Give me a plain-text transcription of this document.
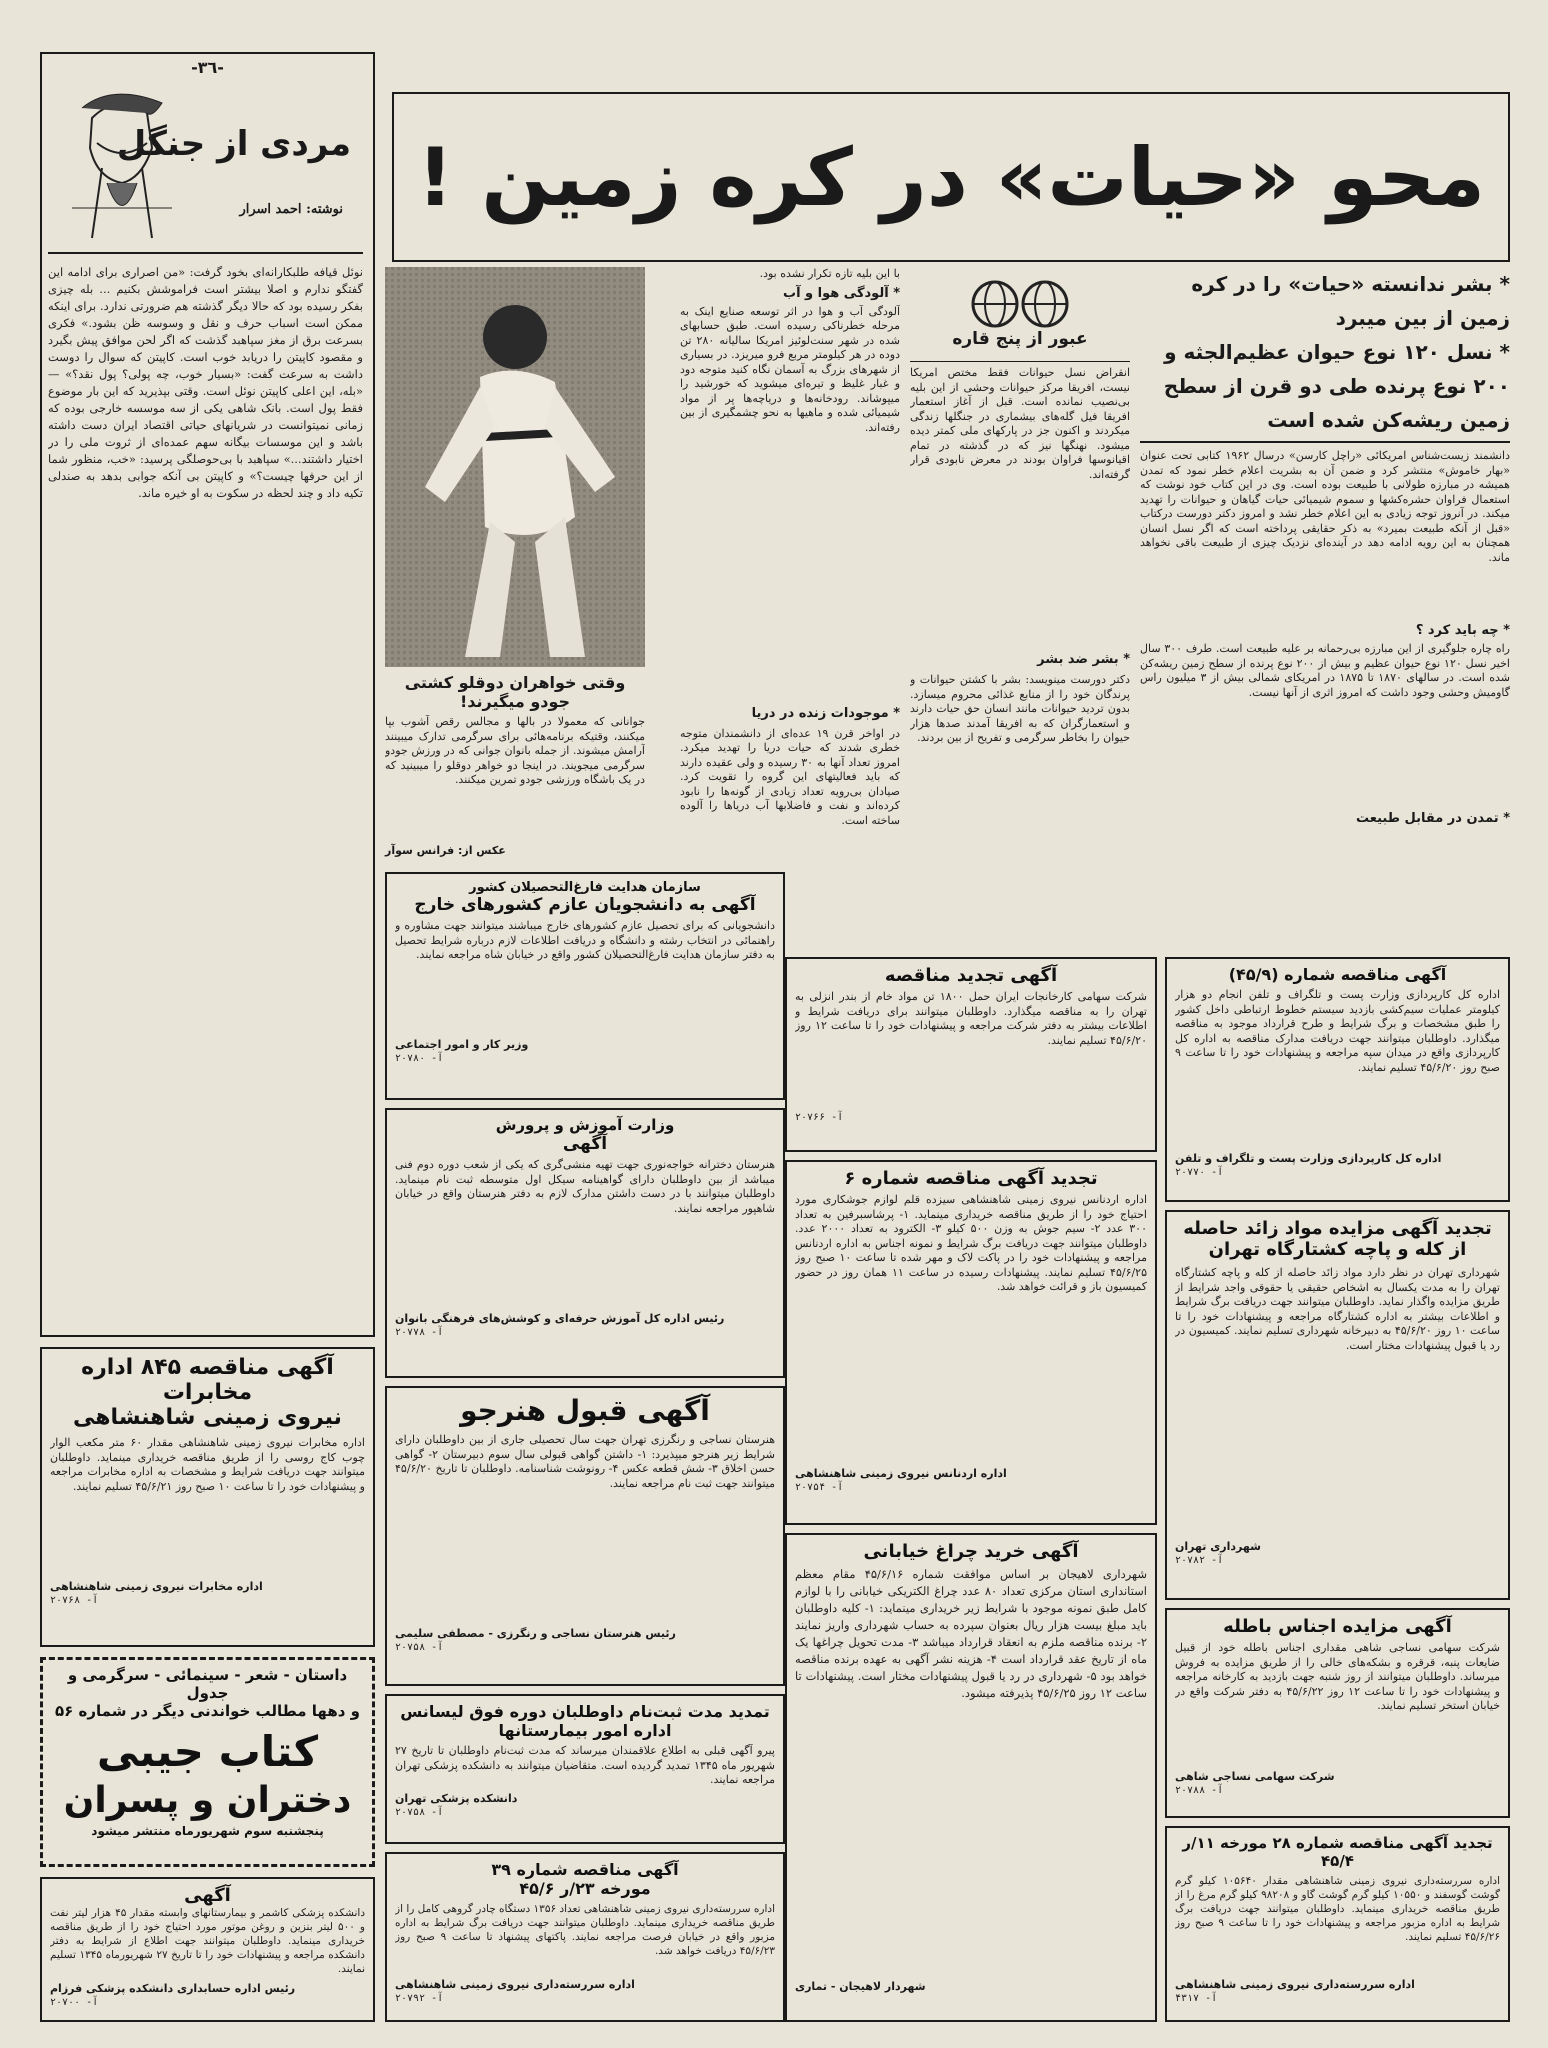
-٣٦-
مردی از جنگل
نوشته: احمد اسرار
نوئل قیافه طلبکارانه‌ای بخود گرفت: «من اصراری برای ادامه این گفتگو ندارم و اصلا بیشتر است فراموشش بکنیم ... بله چیزی بفکر رسیده بود که حالا دیگر گذشته هم ضرورتی ندارد. برای اینکه ممکن است اسباب حرف و نقل و وسوسه ظن بشود.» فکری بسرعت برق از مغز سپاهبد گذشت که اگر لحن موافق پیش بگیرد و مقصود کاپیتن را دریابد خوب است. کاپیتن که سوال را دوست داشت به سرعت گفت: «بسیار خوب، چه پولی؟ پول نقد؟» — «بله، این اعلی کاپیتن نوئل است. وقتی بپذیرید که این بار موضوع فقط پول است. بانک شاهی یکی از سه موسسه خارجی بوده که زمانی نمیتوانست در شریانهای حیاتی اقتصاد ایران دست داشته باشد و این موسسات بیگانه سهم عمده‌ای از ثروت ملی را در اختیار داشتند...» سپاهبد با بی‌حوصلگی پرسید: «خب، منظور شما از این حرفها چیست؟» و کاپیتن بی آنکه جوابی بدهد به صندلی تکیه داد و چند لحظه در سکوت به او خیره ماند.
آگهی مناقصه ۸۴۵ اداره مخابرات
نیروی زمینی شاهنشاهی
اداره مخابرات نیروی زمینی شاهنشاهی مقدار ۶۰ متر مکعب الوار چوب کاج روسی را از طریق مناقصه خریداری مینماید. داوطلبان میتوانند جهت دریافت شرایط و مشخصات به اداره مخابرات مراجعه و پیشنهادات خود را تا ساعت ۱۰ صبح روز ۴۵/۶/۲۱ تسلیم نمایند.
اداره مخابرات نیروی زمینی شاهنشاهی
آ- ۲۰۷۶۸
داستان - شعر - سینمائی - سرگرمی و جدول
و دهها مطالب خواندنی دیگر در شماره ۵۶
کتاب جیبی
دختران و پسران
پنجشنبه سوم شهریورماه منتشر میشود
آگهی
دانشکده پزشکی کاشمر و بیمارستانهای وابسته مقدار ۴۵ هزار لیتر نفت و ۵۰۰ لیتر بنزین و روغن موتور مورد احتیاج خود را از طریق مناقصه خریداری مینماید. داوطلبان میتوانند جهت اطلاع از شرایط به دفتر دانشکده مراجعه و پیشنهادات خود را تا تاریخ ۲۷ شهریورماه ۱۳۴۵ تسلیم نمایند.
رئیس اداره حسابداری دانشکده پزشکی فرزام
آ- ۲۰۷۰۰
محو «حیات» در کره زمین !
* بشر ندانسته «حیات» را در کره زمین از بین میبرد
* نسل ۱۲۰ نوع حیوان عظیم‌الجثه و ۲۰۰ نوع پرنده طی دو قرن از سطح زمین ریشه‌کن شده است
دانشمند زیست‌شناس امریکائی «راچل کارسن» درسال ۱۹۶۲ کتابی تحت عنوان «بهار خاموش» منتشر کرد و ضمن آن به بشریت اعلام خطر نمود که تمدن همیشه در مبارزه طولانی با طبیعت بوده است. وی در این کتاب خود نوشت که استعمال فراوان حشره‌کشها و سموم شیمیائی حیات گیاهان و حیوانات را تهدید میکند. در آنروز توجه زیادی به این اعلام خطر نشد و امروز دکتر دورست درکتاب «قبل از آنکه طبیعت بمیرد» به ذکر حقایقی پرداخته است که اگر نسل انسان همچنان به این رویه ادامه دهد در آینده‌ای نزدیک چیزی از طبیعت باقی نخواهد ماند.
* چه باید کرد ؟
راه چاره جلوگیری از این مبارزه بی‌رحمانه بر علیه طبیعت است. طرف ۳۰۰ سال اخیر نسل ۱۲۰ نوع حیوان عظیم و بیش از ۲۰۰ نوع پرنده از سطح زمین ریشه‌کن شده است. در سالهای ۱۸۷۰ تا ۱۸۷۵ در امریکای شمالی بیش از ۳ میلیون راس گاومیش وحشی وجود داشت که امروز اثری از آنها نیست.
* تمدن در مقابل طبیعت
عبور از پنج قاره
انقراض نسل حیوانات فقط مختص امریکا نیست، افریقا مرکز حیوانات وحشی از این بلیه بی‌نصیب نمانده است. قبل از آغاز استعمار افریقا فیل گله‌های بیشماری در جنگلها زندگی میکردند و اکنون جز در پارکهای ملی کمتر دیده میشود. نهنگها نیز که در گذشته در تمام اقیانوسها فراوان بودند در معرض نابودی قرار گرفته‌اند.
* بشر ضد بشر
دکتر دورست مینویسد: بشر با کشتن حیوانات و پرندگان خود را از منابع غذائی محروم میسازد. بدون تردید حیوانات مانند انسان حق حیات دارند و استعمارگران که به افریقا آمدند صدها هزار حیوان را بخاطر سرگرمی و تفریح از بین بردند.
با این بلیه تازه تکرار نشده بود.
* آلودگی هوا و آب
آلودگی آب و هوا در اثر توسعه صنایع اینک به مرحله خطرناکی رسیده است. طبق حسابهای شده در شهر سنت‌لوئیز امریکا سالیانه ۲۸۰ تن دوده در هر کیلومتر مربع فرو میریزد. در بسیاری از شهرهای بزرگ به آسمان نگاه کنید متوجه دود و غبار غلیظ و تیره‌ای میشوید که خورشید را میپوشاند. رودخانه‌ها و دریاچه‌ها پر از مواد شیمیائی شده و ماهیها به نحو چشمگیری از بین رفته‌اند.
* موجودات زنده در دریا
در اواخر قرن ۱۹ عده‌ای از دانشمندان متوجه خطری شدند که حیات دریا را تهدید میکرد. امروز تعداد آنها به ۳۰ رسیده و ولی عقیده دارند که باید فعالیتهای این گروه را تقویت کرد. صیادان بی‌رویه تعداد زیادی از گونه‌ها را نابود کرده‌اند و نفت و فاضلابها آب دریاها را آلوده ساخته است.
وقتی خواهران دوقلو کشتی جودو میگیرند!
جوانانی که معمولا در بالها و مجالس رقص آشوب بپا میکنند، وقتیکه برنامه‌هائی برای سرگرمی تدارک میبینند آرامش میشوند. از جمله بانوان جوانی که در ورزش جودو سرگرمی میجویند. در اینجا دو خواهر دوقلو را میبینید که در یک باشگاه ورزشی جودو تمرین میکنند.
عکس از: فرانس سوآر
آگهی مناقصه شماره (۴۵/۹)
اداره کل کارپردازی وزارت پست و تلگراف و تلفن انجام دو هزار کیلومتر عملیات سیم‌کشی بازدید سیستم خطوط ارتباطی داخل کشور را طبق مشخصات و برگ شرایط و طرح قرارداد موجود به مناقصه میگذارد. داوطلبان میتوانند جهت دریافت مدارک مناقصه به اداره کل کارپردازی واقع در میدان سپه مراجعه و پیشنهادات خود را تا ساعت ۹ صبح روز ۴۵/۶/۲۰ تسلیم نمایند.
اداره کل کارپردازی وزارت پست و تلگراف و تلفن
آ- ۲۰۷۷۰
تجدید آگهی مزایده مواد زائد حاصله از کله و پاچه کشتارگاه تهران
شهرداری تهران در نظر دارد مواد زائد حاصله از کله و پاچه کشتارگاه تهران را به مدت یکسال به اشخاص حقیقی یا حقوقی واجد شرایط از طریق مزایده واگذار نماید. داوطلبان میتوانند جهت دریافت برگ شرایط و اطلاعات بیشتر به اداره کشتارگاه مراجعه و پیشنهادات خود را تا ساعت ۱۰ روز ۴۵/۶/۲۰ به دبیرخانه شهرداری تسلیم نمایند. کمیسیون در رد یا قبول پیشنهادات مختار است.
شهرداری تهران
آ- ۲۰۷۸۲
آگهی مزایده اجناس باطله
شرکت سهامی نساجی شاهی مقداری اجناس باطله خود از قبیل ضایعات پنبه، قرقره و بشکه‌های خالی را از طریق مزایده به فروش میرساند. داوطلبان میتوانند از روز شنبه جهت بازدید به کارخانه مراجعه و پیشنهادات خود را تا ساعت ۱۲ روز ۴۵/۶/۲۲ به دفتر شرکت واقع در خیابان استخر تسلیم نمایند.
شرکت سهامی نساجی شاهی
آ- ۲۰۷۸۸
تجدید آگهی مناقصه شماره ۲۸ مورخه ۱۱/ر ۴۵/۴
اداره سررسته‌داری نیروی زمینی شاهنشاهی مقدار ۱۰۵۶۴۰ کیلو گرم گوشت گوسفند و ۱۰۵۵۰ کیلو گرم گوشت گاو و ۹۸۲۰۸ کیلو گرم مرغ را از طریق مناقصه خریداری مینماید. داوطلبان میتوانند جهت دریافت برگ شرایط به اداره مزبور مراجعه و پیشنهادات خود را تا ساعت ۹ صبح روز ۴۵/۶/۲۶ تسلیم نمایند.
اداره سررسته‌داری نیروی زمینی شاهنشاهی
آ- ۴۳۱۷
آگهی تجدید مناقصه
شرکت سهامی کارخانجات ایران حمل ۱۸۰۰ تن مواد خام از بندر انزلی به تهران را به مناقصه میگذارد. داوطلبان میتوانند برای دریافت شرایط و اطلاعات بیشتر به دفتر شرکت مراجعه و پیشنهادات خود را تا ساعت ۱۲ روز ۴۵/۶/۲۰ تسلیم نمایند.
آ- ۲۰۷۶۶
تجدید آگهی مناقصه شماره ۶
اداره اردنانس نیروی زمینی شاهنشاهی سیزده قلم لوازم جوشکاری مورد احتیاج خود را از طریق مناقصه خریداری مینماید. ۱- پرشاسبرفین به تعداد ۳۰۰ عدد ۲- سیم جوش به وزن ۵۰۰ کیلو ۳- الکترود به تعداد ۲۰۰۰ عدد. داوطلبان میتوانند جهت دریافت برگ شرایط و نمونه اجناس به اداره اردنانس مراجعه و پیشنهادات خود را در پاکت لاک و مهر شده تا ساعت ۱۰ صبح روز ۴۵/۶/۲۵ تسلیم نمایند. پیشنهادات رسیده در ساعت ۱۱ همان روز در حضور کمیسیون باز و قرائت خواهد شد.
اداره اردنانس نیروی زمینی شاهنشاهی
آ- ۲۰۷۵۴
آگهی خرید چراغ خیابانی
شهرداری لاهیجان بر اساس موافقت شماره ۴۵/۶/۱۶ مقام معظم استانداری استان مرکزی تعداد ۸۰ عدد چراغ الکتریکی خیابانی را با لوازم کامل طبق نمونه موجود با شرایط زیر خریداری مینماید: ۱- کلیه داوطلبان باید مبلغ بیست هزار ریال بعنوان سپرده به حساب شهرداری واریز نمایند ۲- برنده مناقصه ملزم به انعقاد قرارداد میباشد ۳- مدت تحویل چراغها یک ماه از تاریخ عقد قرارداد است ۴- هزینه نشر آگهی به عهده برنده مناقصه خواهد بود ۵- شهرداری در رد یا قبول پیشنهادات مختار است. پیشنهادات تا ساعت ۱۲ روز ۴۵/۶/۲۵ پذیرفته میشود.
شهردار لاهیجان - تماری
سازمان هدایت فارغ‌التحصیلان کشور
آگهی به دانشجویان عازم کشورهای خارج
دانشجویانی که برای تحصیل عازم کشورهای خارج میباشند میتوانند جهت مشاوره و راهنمائی در انتخاب رشته و دانشگاه و دریافت اطلاعات لازم درباره شرایط تحصیل به دفتر سازمان هدایت فارغ‌التحصیلان کشور واقع در خیابان شاه مراجعه نمایند.
وزیر کار و امور اجتماعی
آ- ۲۰۷۸۰
وزارت آموزش و پرورش
آگهی
هنرستان دخترانه خواجه‌نوری جهت تهیه منشی‌گری که یکی از شعب دوره دوم فنی میباشد از بین داوطلبان دارای گواهینامه سیکل اول متوسطه ثبت نام مینماید. داوطلبان میتوانند با در دست داشتن مدارک لازم به دفتر هنرستان واقع در خیابان شاهپور مراجعه نمایند.
رئیس اداره کل آموزش حرفه‌ای و کوشش‌های فرهنگی بانوان
آ- ۲۰۷۷۸
آگهی قبول هنرجو
هنرستان نساجی و رنگرزی تهران جهت سال تحصیلی جاری از بین داوطلبان دارای شرایط زیر هنرجو میپذیرد: ۱- داشتن گواهی قبولی سال سوم دبیرستان ۲- گواهی حسن اخلاق ۳- شش قطعه عکس ۴- رونوشت شناسنامه. داوطلبان تا تاریخ ۴۵/۶/۲۰ میتوانند جهت ثبت نام مراجعه نمایند.
رئیس هنرستان نساجی و رنگرزی - مصطفی سلیمی
آ- ۲۰۷۵۸
تمدید مدت ثبت‌نام داوطلبان دوره فوق لیسانس اداره امور بیمارستانها
پیرو آگهی قبلی به اطلاع علاقمندان میرساند که مدت ثبت‌نام داوطلبان تا تاریخ ۲۷ شهریور ماه ۱۳۴۵ تمدید گردیده است. متقاضیان میتوانند به دانشکده پزشکی تهران مراجعه نمایند.
دانشکده پزشکی تهران
آ- ۲۰۷۵۸
آگهی مناقصه شماره ۳۹
مورخه ۲۳/ر ۴۵/۶
اداره سررسته‌داری نیروی زمینی شاهنشاهی تعداد ۱۳۵۶ دستگاه چادر گروهی کامل را از طریق مناقصه خریداری مینماید. داوطلبان میتوانند جهت دریافت برگ شرایط به اداره مزبور واقع در خیابان فرصت مراجعه نمایند. پاکتهای پیشنهاد تا ساعت ۹ صبح روز ۴۵/۶/۲۳ دریافت خواهد شد.
اداره سررسته‌داری نیروی زمینی شاهنشاهی
آ- ۲۰۷۹۲
